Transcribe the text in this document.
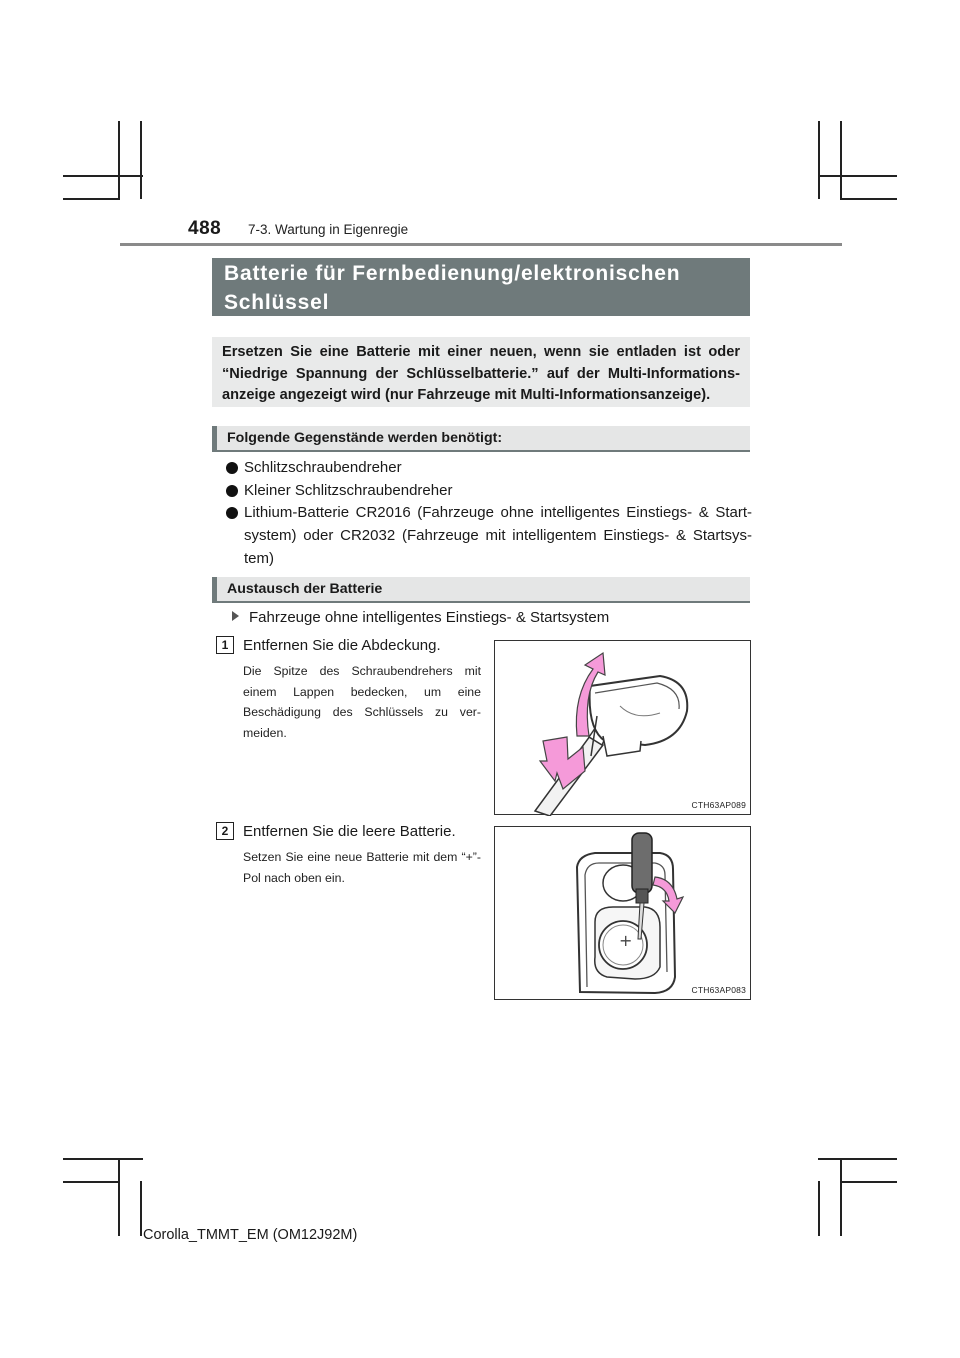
488 7-3. Wartung in Eigenregie
Batterie für Fernbedienung/elektronischen
Schlüssel
Ersetzen Sie eine Batterie mit einer neuen, wenn sie entladen ist oder
“Niedrige Spannung der Schlüsselbatterie.” auf der Multi-Informations-
anzeige angezeigt wird (nur Fahrzeuge mit Multi-Informationsanzeige).
Folgende Gegenstände werden benötigt:
Schlitzschraubendreher
Kleiner Schlitzschraubendreher
Lithium-Batterie CR2016 (Fahrzeuge ohne intelligentes Einstiegs- & Start-system) oder CR2032 (Fahrzeuge mit intelligentem Einstiegs- & Startsys-tem)
Austausch der Batterie
Fahrzeuge ohne intelligentes Einstiegs- & Startsystem
1 Entfernen Sie die Abdeckung.
Die Spitze des Schraubendrehers mit einem Lappen bedecken, um eine Beschädigung des Schlüssels zu ver-meiden.
CTH63AP089
2 Entfernen Sie die leere Batterie.
Setzen Sie eine neue Batterie mit dem “+”-Pol nach oben ein.
+
CTH63AP083
Corolla_TMMT_EM (OM12J92M)
